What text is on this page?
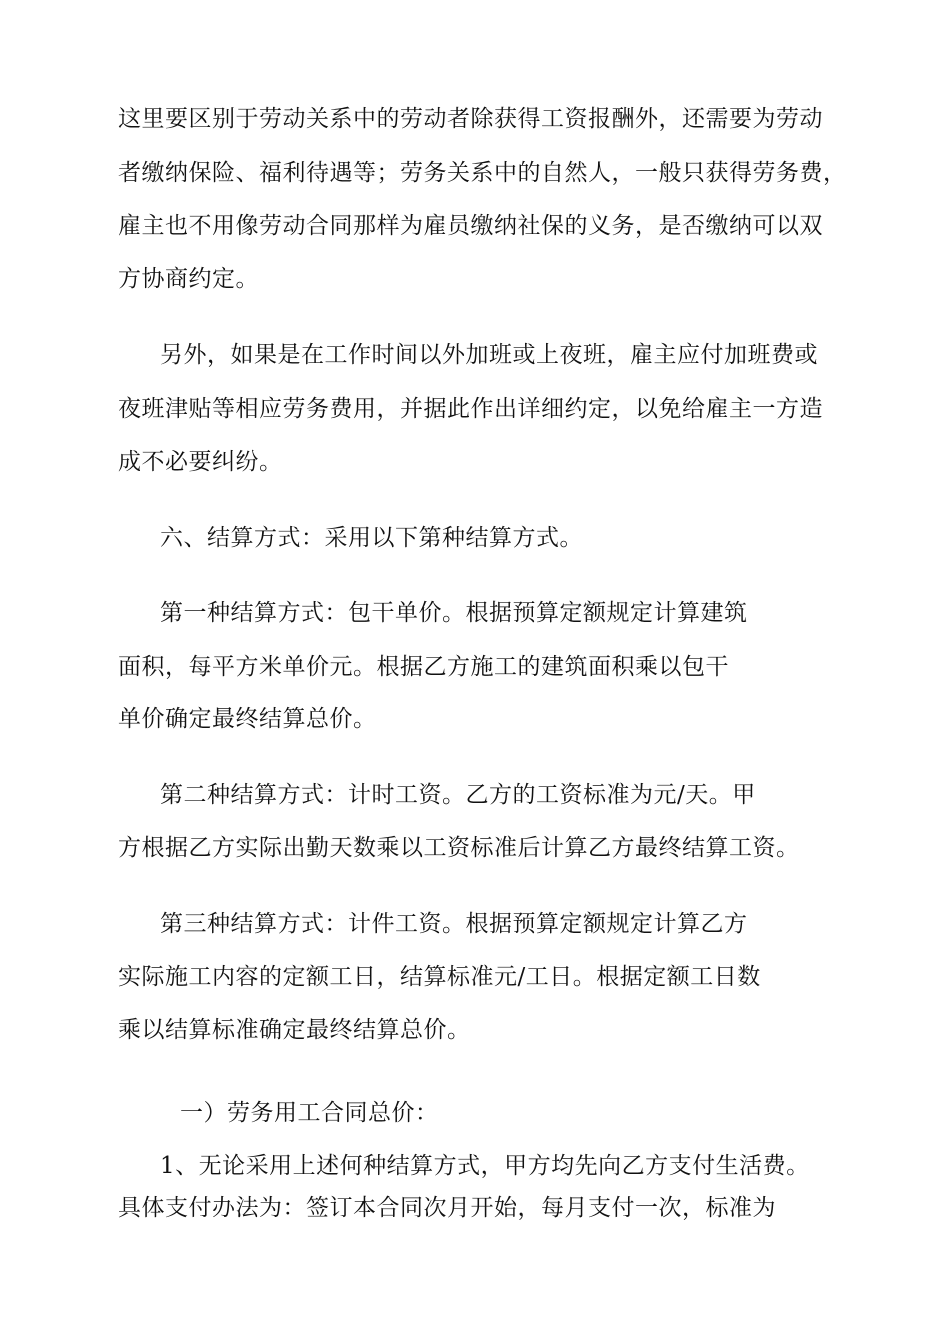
这里要区别于劳动关系中的劳动者除获得工资报酬外，还需要为劳动
者缴纳保险、福利待遇等；劳务关系中的自然人，一般只获得劳务费，
雇主也不用像劳动合同那样为雇员缴纳社保的义务，是否缴纳可以双
方协商约定。
另外，如果是在工作时间以外加班或上夜班，雇主应付加班费或
夜班津贴等相应劳务费用，并据此作出详细约定，以免给雇主一方造
成不必要纠纷。
六、结算方式：采用以下第种结算方式。
第一种结算方式：包干单价。根据预算定额规定计算建筑
面积，每平方米单价元。根据乙方施工的建筑面积乘以包干
单价确定最终结算总价。
第二种结算方式：计时工资。乙方的工资标准为元/天。甲
方根据乙方实际出勤天数乘以工资标准后计算乙方最终结算工资。
第三种结算方式：计件工资。根据预算定额规定计算乙方
实际施工内容的定额工日，结算标准元/工日。根据定额工日数
乘以结算标准确定最终结算总价。
一）劳务用工合同总价：
1、无论采用上述何种结算方式，甲方均先向乙方支付生活费。
具体支付办法为：签订本合同次月开始，每月支付一次，标准为
